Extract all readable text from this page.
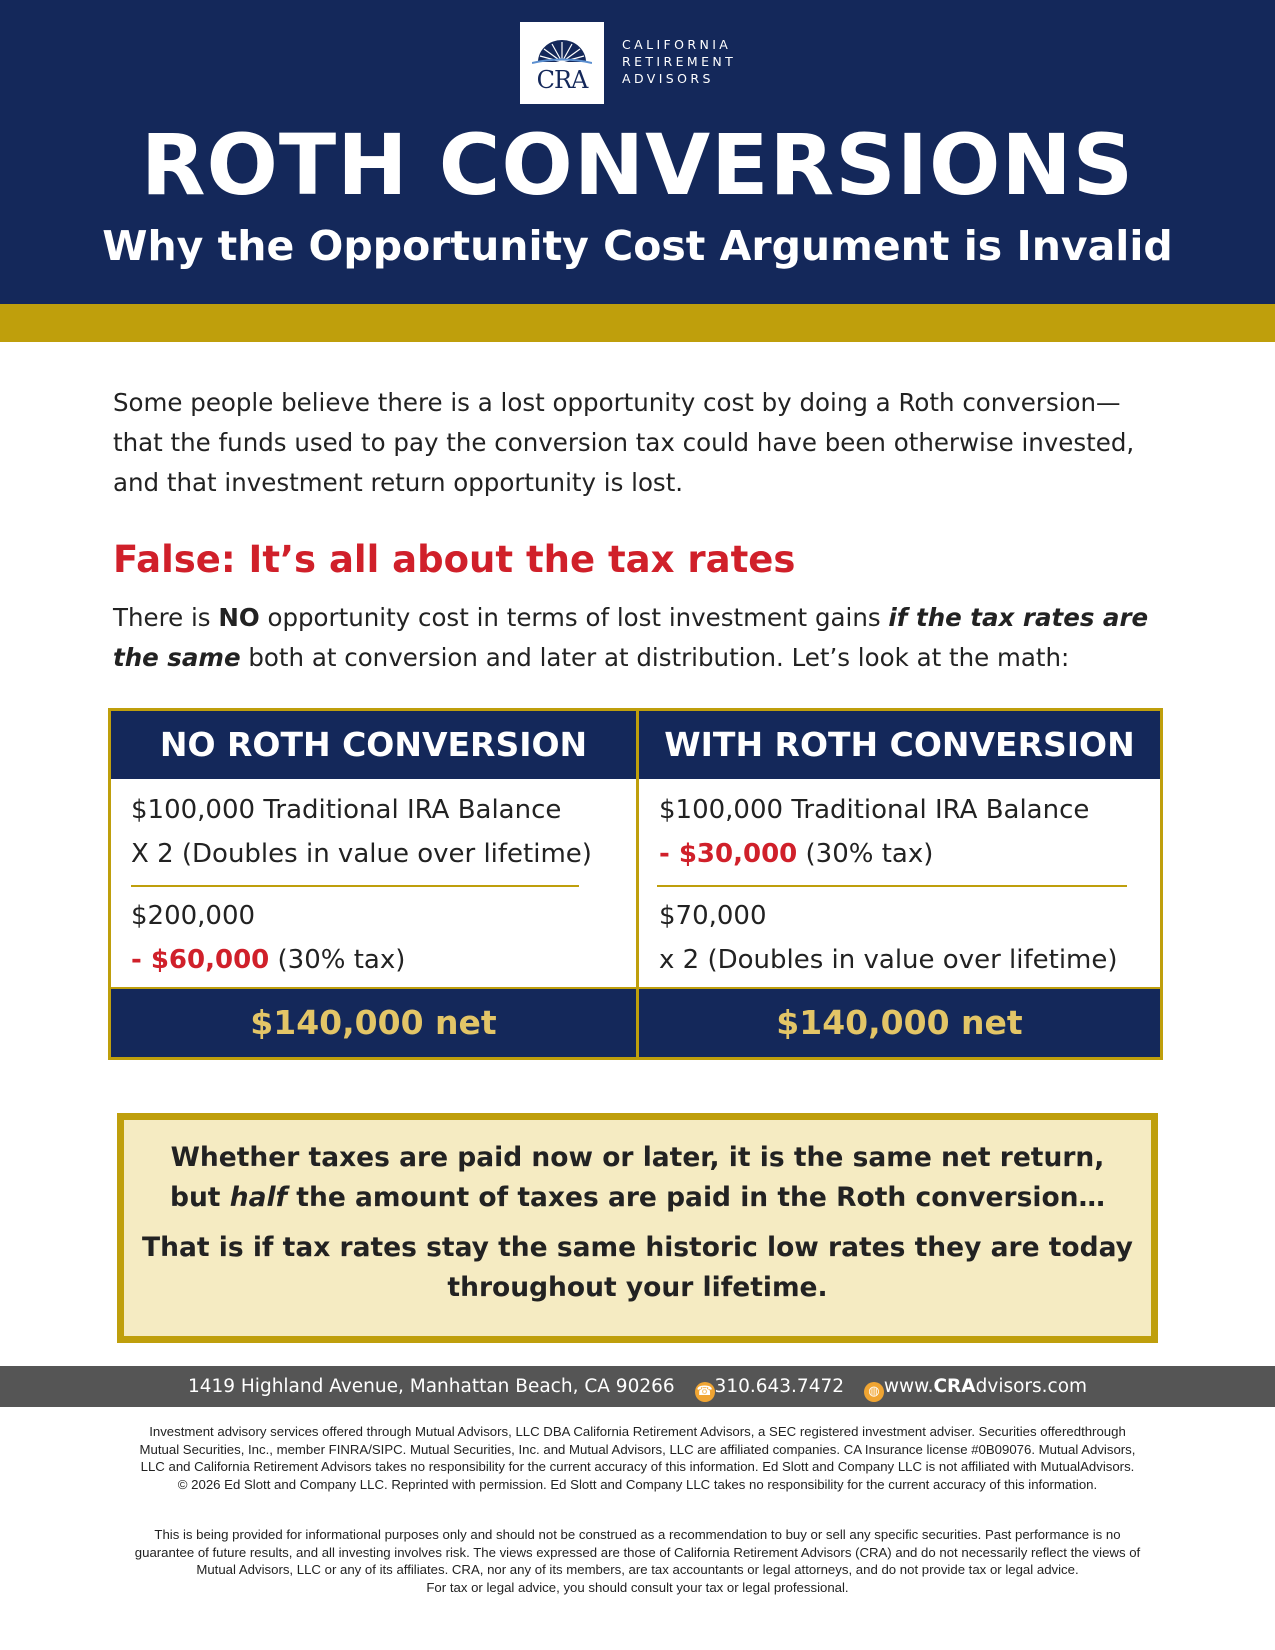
CRA
CALIFORNIA
RETIREMENT
ADVISORS
ROTH CONVERSIONS
Why the Opportunity Cost Argument is Invalid
Some people believe there is a lost opportunity cost by doing a Roth conversion—
that the funds used to pay the conversion tax could have been otherwise invested,
and that investment return opportunity is lost.
False: It’s all about the tax rates
There is NO opportunity cost in terms of lost investment gains if the tax rates are
the same both at conversion and later at distribution. Let’s look at the math:
NO ROTH CONVERSION	WITH ROTH CONVERSION
$100,000 Traditional IRA Balance
X 2 (Doubles in value over lifetime)
$200,000
- $60,000 (30% tax)
$100,000 Traditional IRA Balance
- $30,000 (30% tax)
$70,000
x 2 (Doubles in value over lifetime)
$140,000 net	$140,000 net

Whether taxes are paid now or later, it is the same net return,

but half the amount of taxes are paid in the Roth conversion…

That is if tax rates stay the same historic low rates they are today

throughout your lifetime.

1419 Highland Avenue, Manhattan Beach, CA 90266 ☎ 310.643.7472 ◍ www.CRAdvisors.com
Investment advisory services offered through Mutual Advisors, LLC DBA California Retirement Advisors, a SEC registered investment adviser. Securities offeredthrough
Mutual Securities, Inc., member FINRA/SIPC. Mutual Securities, Inc. and Mutual Advisors, LLC are affiliated companies. CA Insurance license #0B09076. Mutual Advisors,
LLC and California Retirement Advisors takes no responsibility for the current accuracy of this information. Ed Slott and Company LLC is not affiliated with MutualAdvisors.
© 2026 Ed Slott and Company LLC. Reprinted with permission. Ed Slott and Company LLC takes no responsibility for the current accuracy of this information.
This is being provided for informational purposes only and should not be construed as a recommendation to buy or sell any specific securities. Past performance is no
guarantee of future results, and all investing involves risk. The views expressed are those of California Retirement Advisors (CRA) and do not necessarily reflect the views of
Mutual Advisors, LLC or any of its affiliates. CRA, nor any of its members, are tax accountants or legal attorneys, and do not provide tax or legal advice.
For tax or legal advice, you should consult your tax or legal professional.
